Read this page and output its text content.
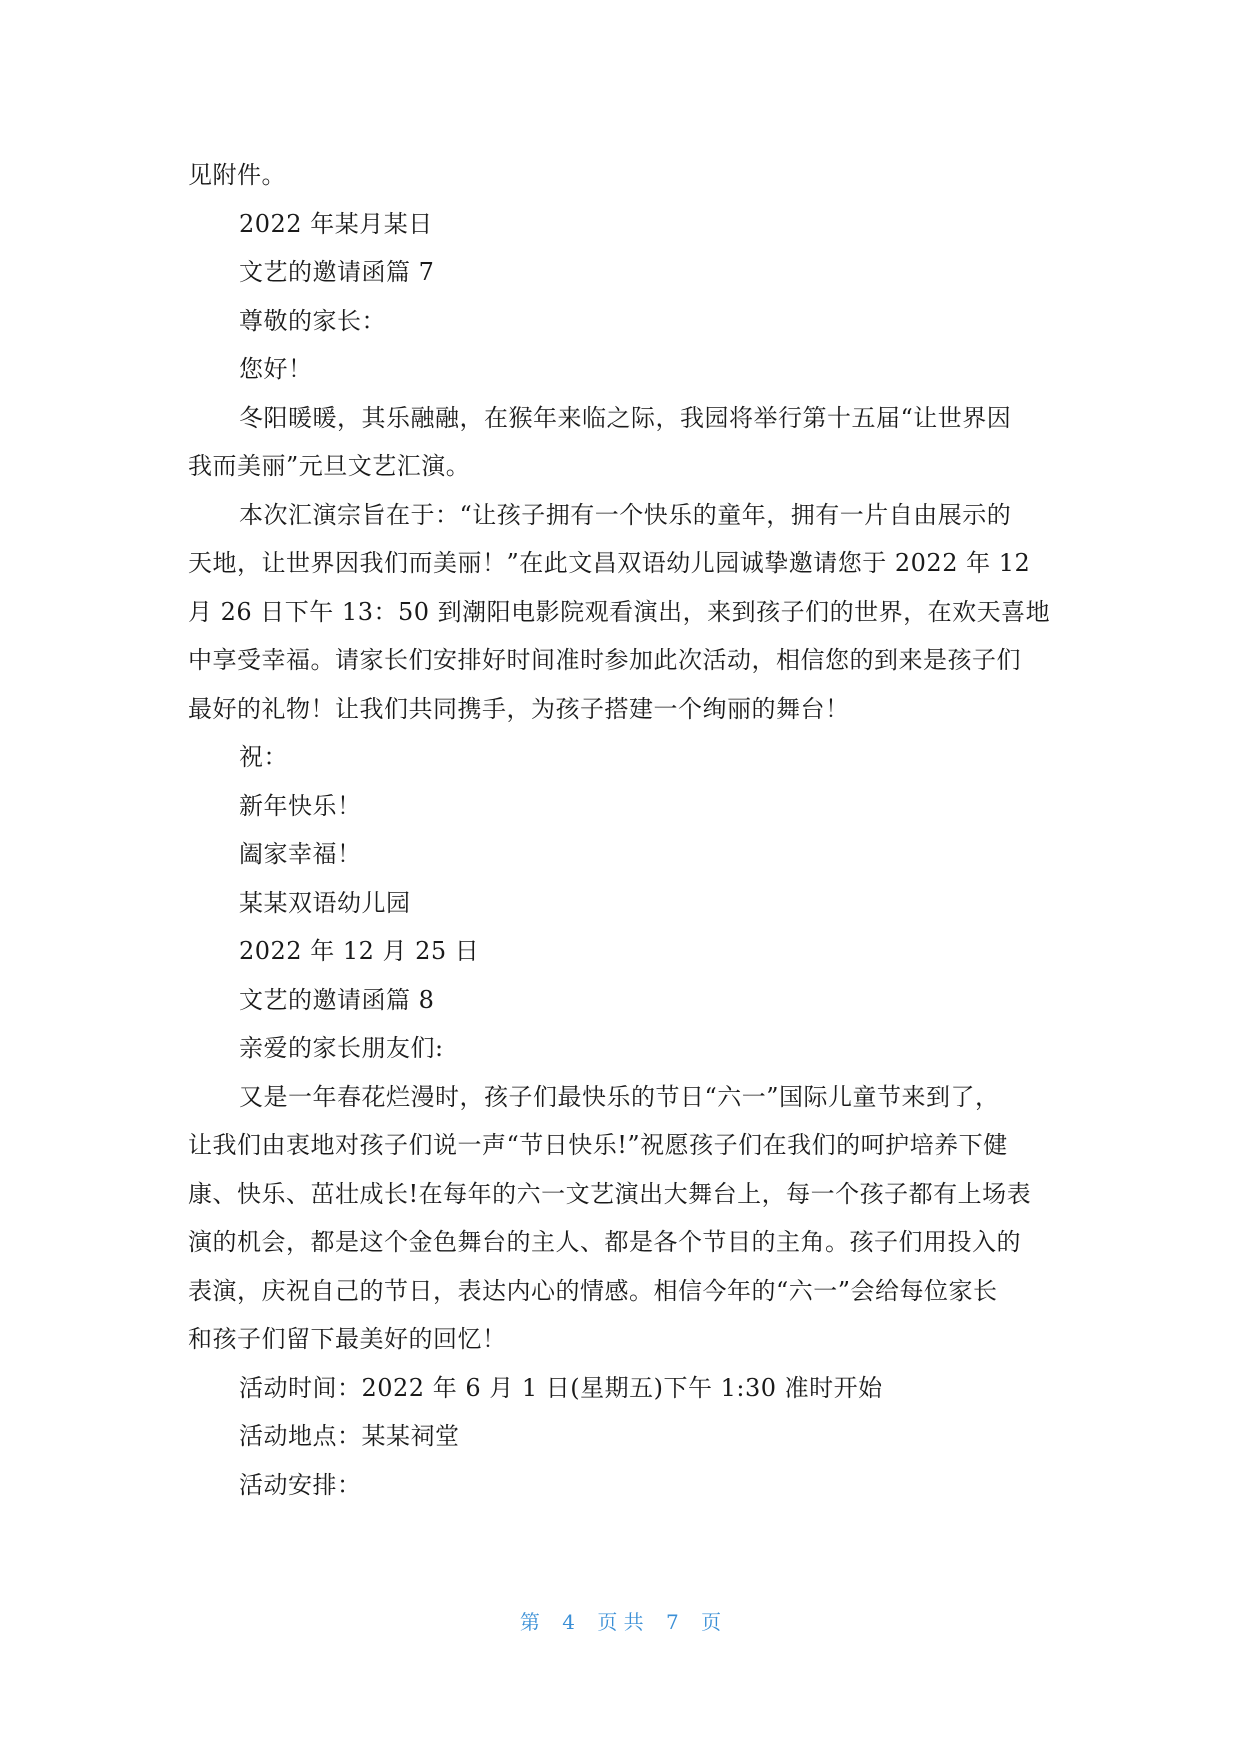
见附件。
2022 年某月某日
文艺的邀请函篇 7
尊敬的家长：
您好！
冬阳暖暖，其乐融融，在猴年来临之际，我园将举行第十五届“让世界因
我而美丽”元旦文艺汇演。
本次汇演宗旨在于：“让孩子拥有一个快乐的童年，拥有一片自由展示的
天地，让世界因我们而美丽！”在此文昌双语幼儿园诚挚邀请您于 2022 年 12
月 26 日下午 13：50 到潮阳电影院观看演出，来到孩子们的世界，在欢天喜地
中享受幸福。请家长们安排好时间准时参加此次活动，相信您的到来是孩子们
最好的礼物！让我们共同携手，为孩子搭建一个绚丽的舞台！
祝：
新年快乐！
阖家幸福！
某某双语幼儿园
2022 年 12 月 25 日
文艺的邀请函篇 8
亲爱的家长朋友们:
又是一年春花烂漫时，孩子们最快乐的节日“六一”国际儿童节来到了，
让我们由衷地对孩子们说一声“节日快乐!”祝愿孩子们在我们的呵护培养下健
康、快乐、茁壮成长!在每年的六一文艺演出大舞台上，每一个孩子都有上场表
演的机会，都是这个金色舞台的主人、都是各个节目的主角。孩子们用投入的
表演，庆祝自己的节日，表达内心的情感。相信今年的“六一”会给每位家长
和孩子们留下最美好的回忆！
活动时间：2022 年 6 月 1 日(星期五)下午 1:30 准时开始
活动地点：某某祠堂
活动安排：
第 4 页 共 7 页
